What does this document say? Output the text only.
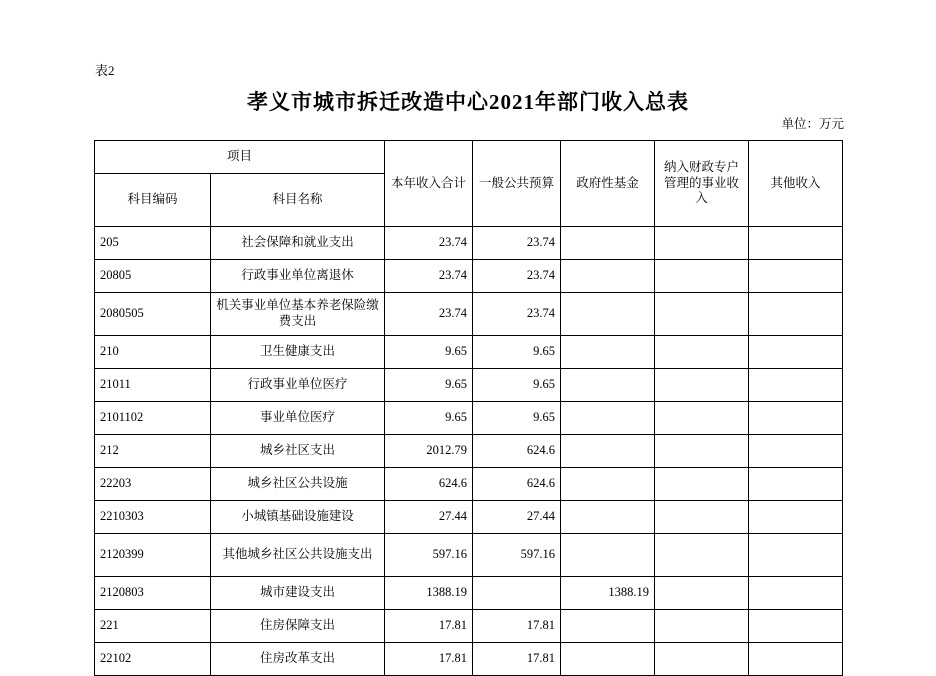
表2
孝义市城市拆迁改造中心2021年部门收入总表
单位：万元
项目		本年收入合计	一般公共预算	政府性基金	纳入财政专户管理的事业收入	其他收入
科目编码	科目名称					
205	社会保障和就业支出	23.74	23.74			
20805	行政事业单位离退休	23.74	23.74			
2080505	机关事业单位基本养老保险缴费支出	23.74	23.74			
210	卫生健康支出	9.65	9.65			
21011	行政事业单位医疗	9.65	9.65			
2101102	事业单位医疗	9.65	9.65			
212	城乡社区支出	2012.79	624.6			
22203	城乡社区公共设施	624.6	624.6			
2210303	小城镇基础设施建设	27.44	27.44			
2120399	其他城乡社区公共设施支出	597.16	597.16			
2120803	城市建设支出	1388.19		1388.19		
221	住房保障支出	17.81	17.81			
22102	住房改革支出	17.81	17.81			
